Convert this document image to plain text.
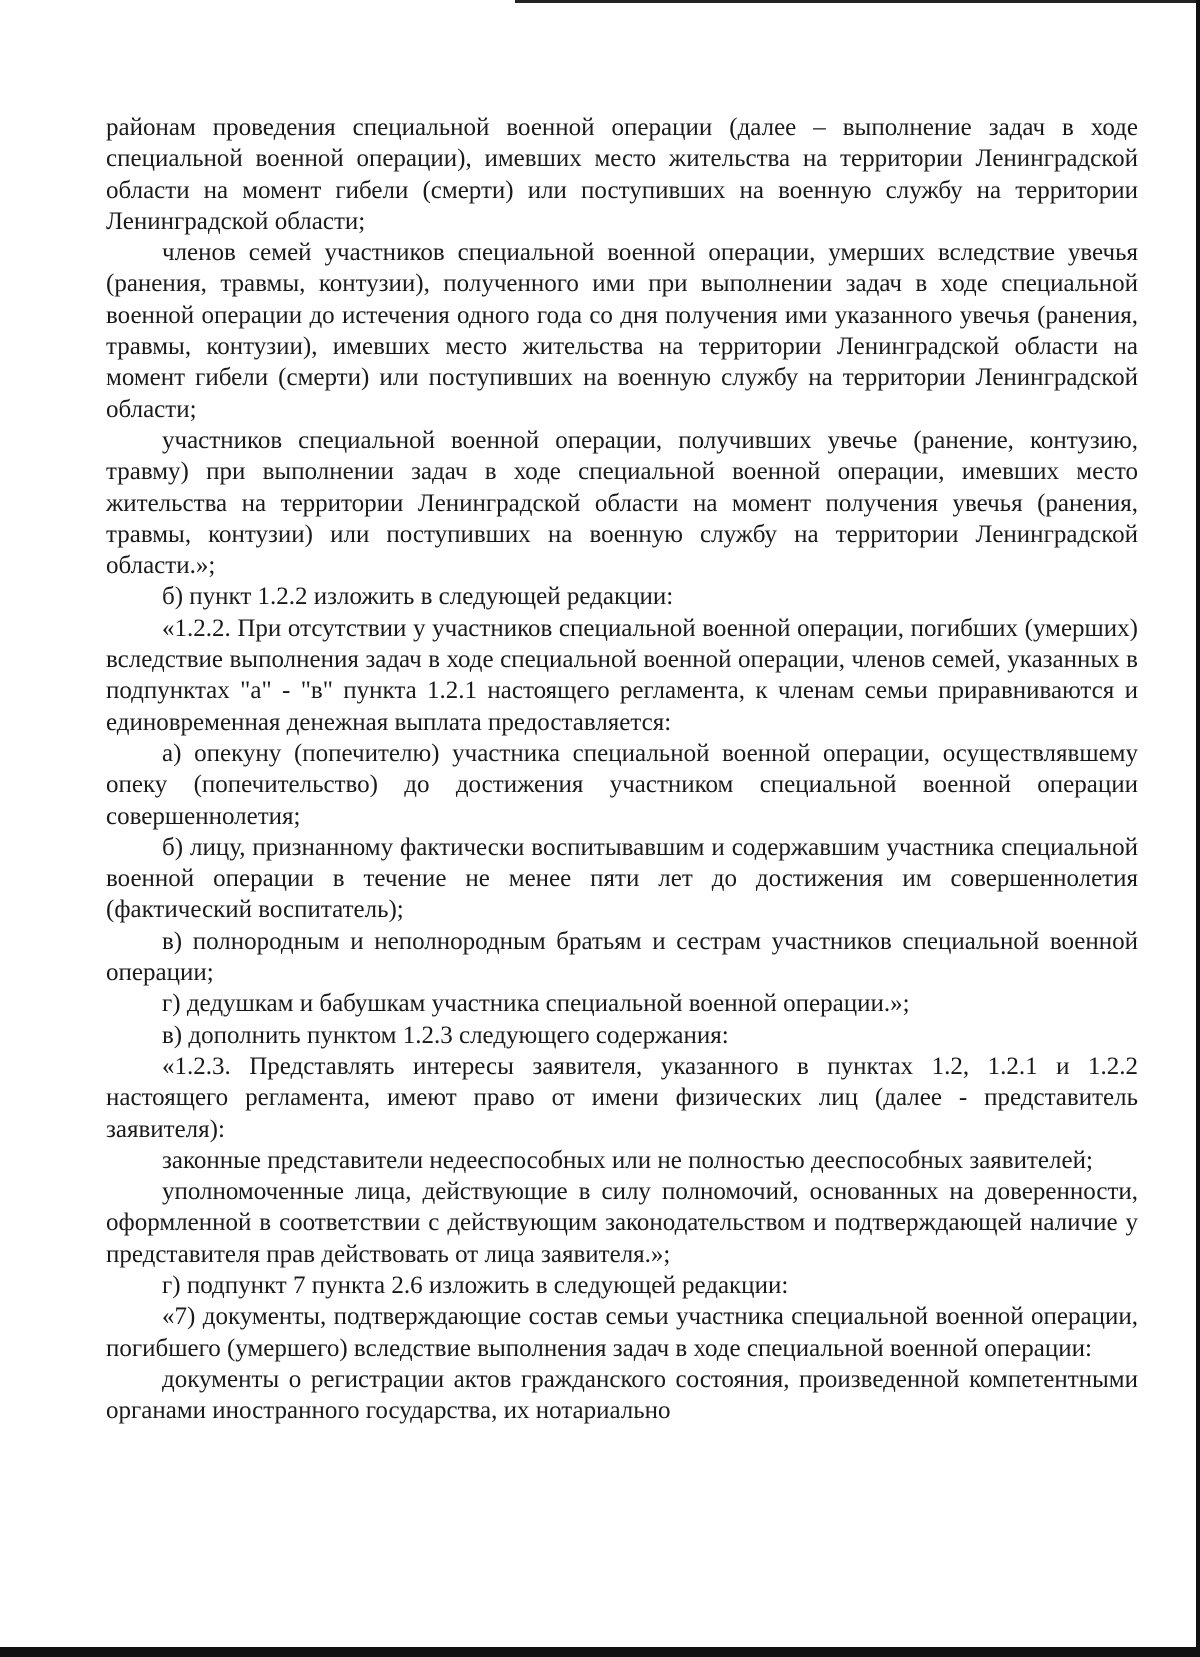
районам проведения специальной военной операции (далее – выполнение задач в ходе специальной военной операции), имевших место жительства на территории Ленинградской области на момент гибели (смерти) или поступивших на военную службу на территории Ленинградской области;

членов семей участников специальной военной операции, умерших вследствие увечья (ранения, травмы, контузии), полученного ими при выполнении задач в ходе специальной военной операции до истечения одного года со дня получения ими указанного увечья (ранения, травмы, контузии), имевших место жительства на территории Ленинградской области на момент гибели (смерти) или поступивших на военную службу на территории Ленинградской области;

участников специальной военной операции, получивших увечье (ранение, контузию, травму) при выполнении задач в ходе специальной военной операции, имевших место жительства на территории Ленинградской области на момент получения увечья (ранения, травмы, контузии) или поступивших на военную службу на территории Ленинградской области.»;

б) пункт 1.2.2 изложить в следующей редакции:

«1.2.2. При отсутствии у участников специальной военной операции, погибших (умерших) вследствие выполнения задач в ходе специальной военной операции, членов семей, указанных в подпунктах "а" - "в" пункта 1.2.1 настоящего регламента, к членам семьи приравниваются и единовременная денежная выплата предоставляется:

а) опекуну (попечителю) участника специальной военной операции, осуществлявшему опеку (попечительство) до достижения участником специальной военной операции совершеннолетия;

б) лицу, признанному фактически воспитывавшим и содержавшим участника специальной военной операции в течение не менее пяти лет до достижения им совершеннолетия (фактический воспитатель);

в) полнородным и неполнородным братьям и сестрам участников специальной военной операции;

г) дедушкам и бабушкам участника специальной военной операции.»;

в) дополнить пунктом 1.2.3 следующего содержания:

«1.2.3. Представлять интересы заявителя, указанного в пунктах 1.2, 1.2.1 и 1.2.2 настоящего регламента, имеют право от имени физических лиц (далее - представитель заявителя):

законные представители недееспособных или не полностью дееспособных заявителей;

уполномоченные лица, действующие в силу полномочий, основанных на доверенности, оформленной в соответствии с действующим законодательством и подтверждающей наличие у представителя прав действовать от лица заявителя.»;

г) подпункт 7 пункта 2.6 изложить в следующей редакции:

«7) документы, подтверждающие состав семьи участника специальной военной операции, погибшего (умершего) вследствие выполнения задач в ходе специальной военной операции:

документы о регистрации актов гражданского состояния, произведенной компетентными органами иностранного государства, их нотариально
